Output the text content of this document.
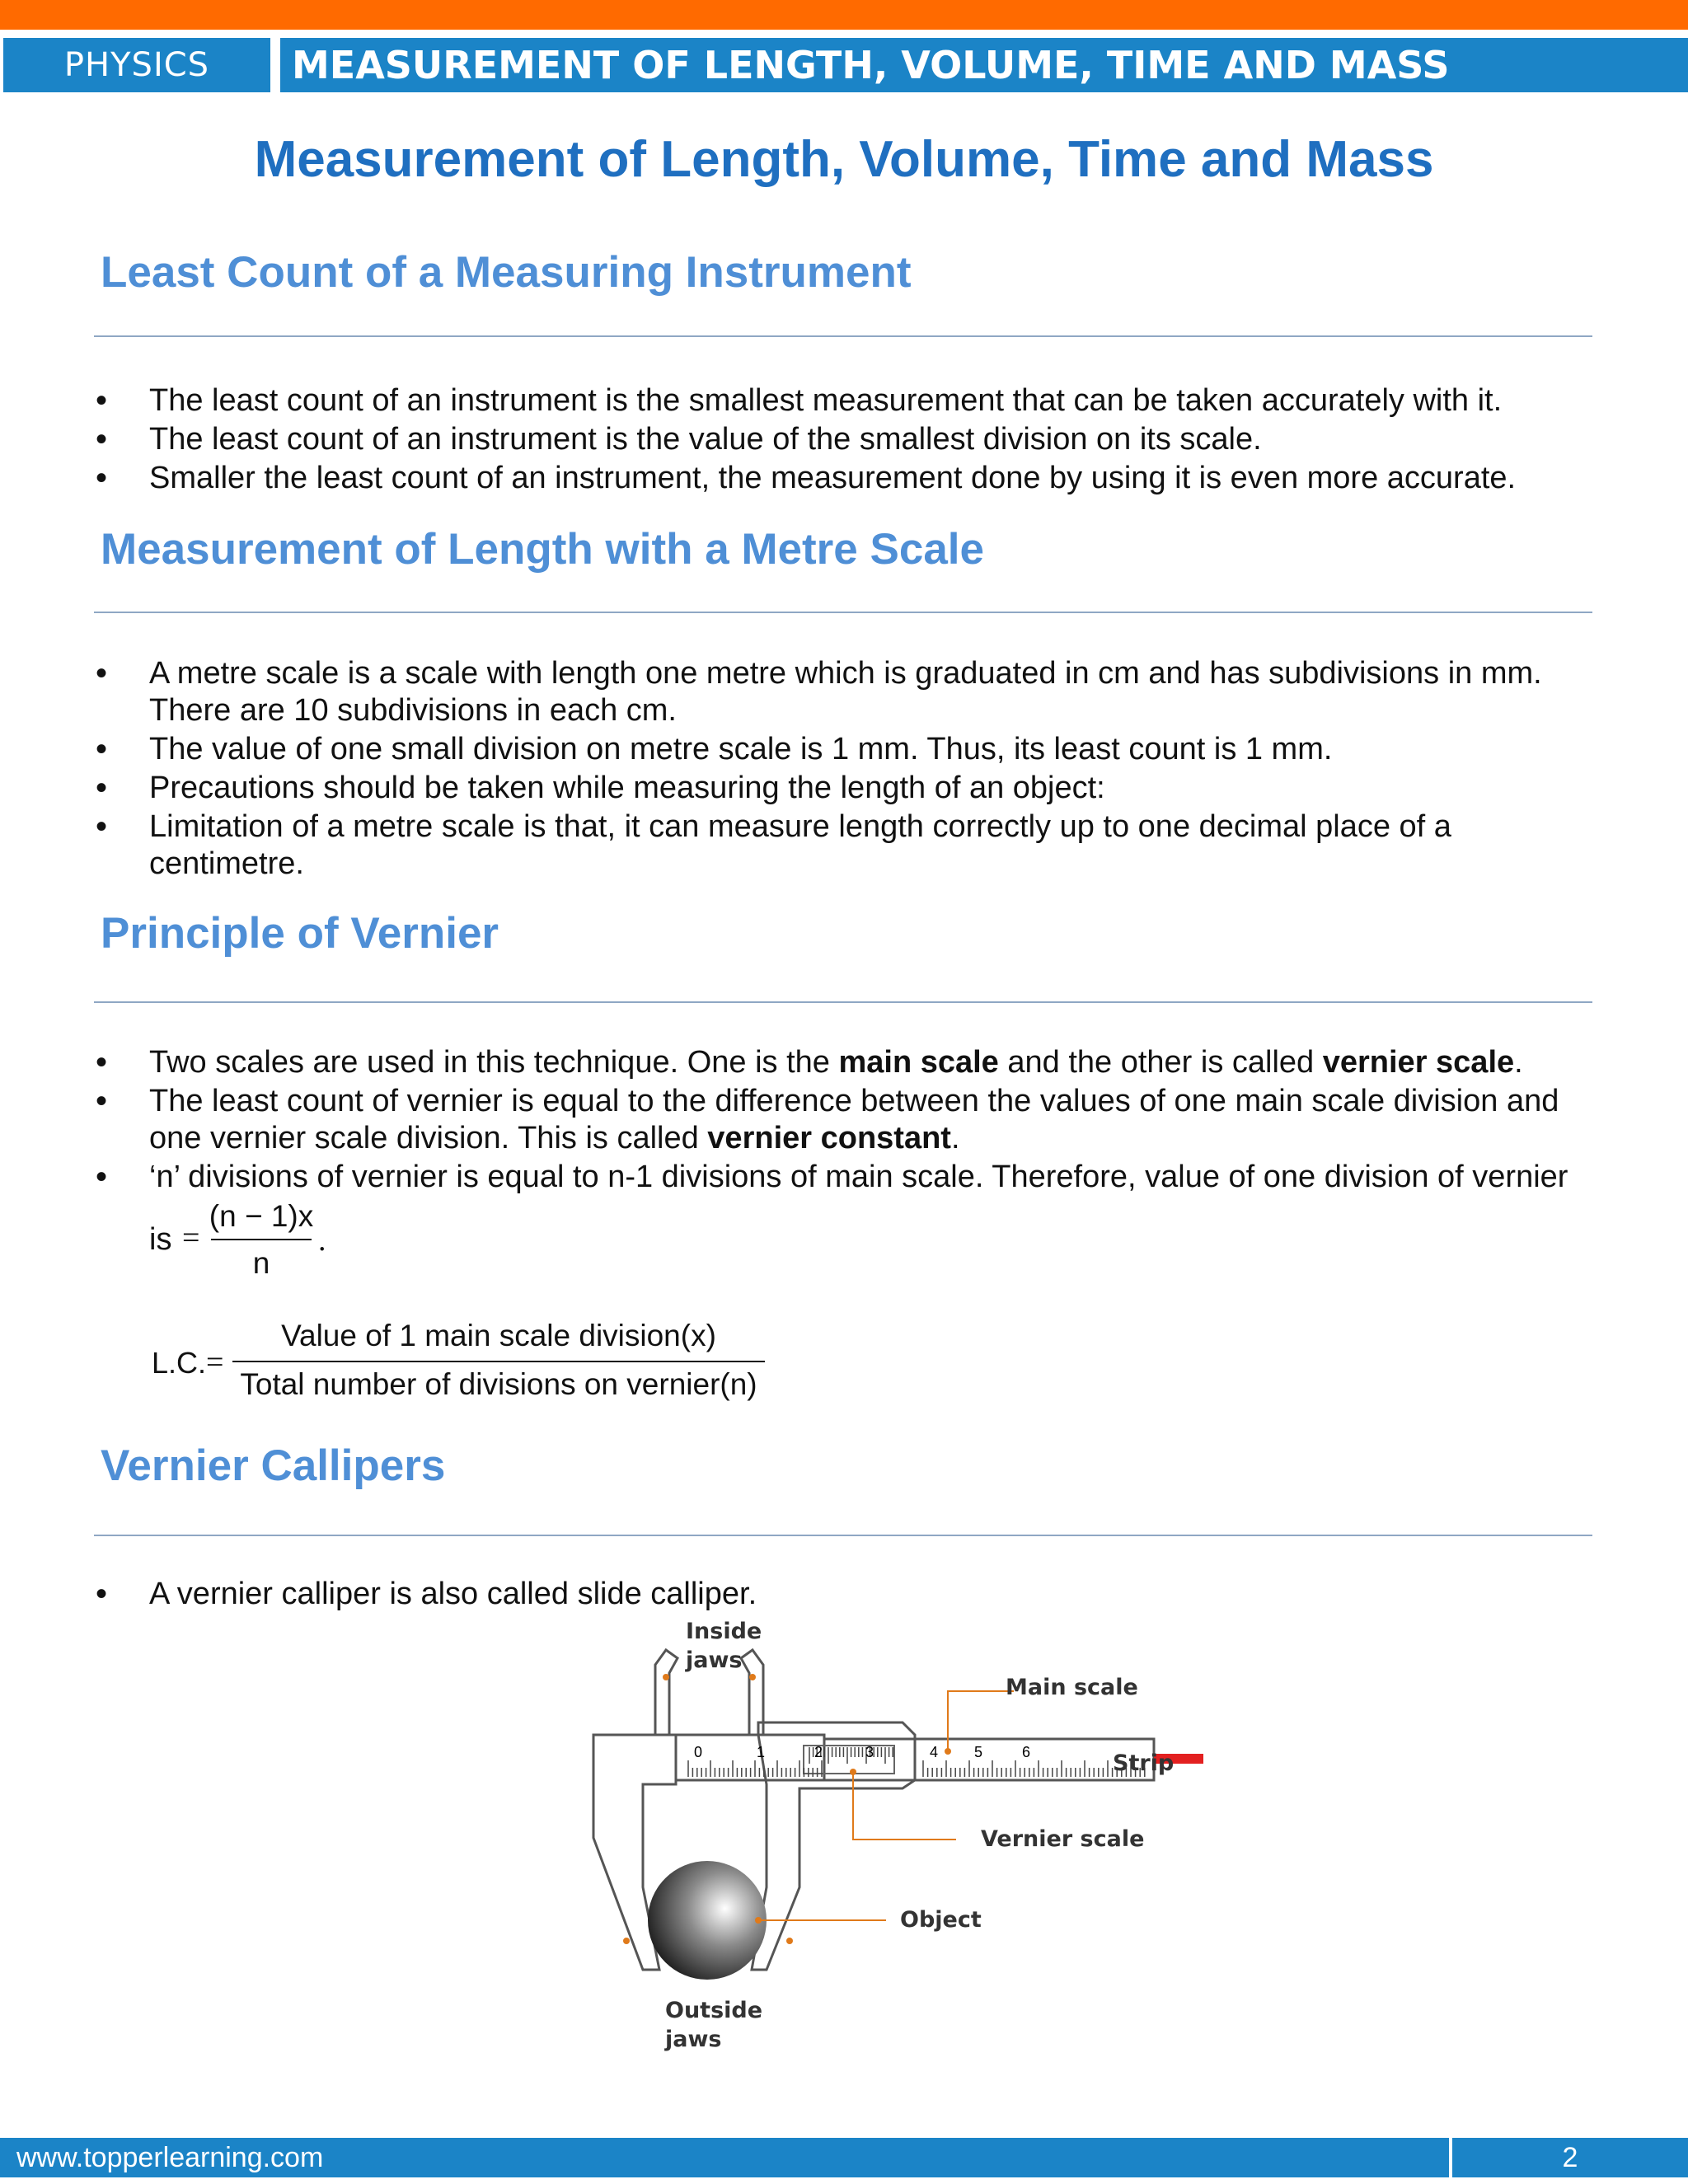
PHYSICS	MEASUREMENT OF LENGTH, VOLUME, TIME AND MASS
Measurement of Length, Volume, Time and Mass
Least Count of a Measuring Instrument
• The least count of an instrument is the smallest measurement that can be taken accurately with it.
• The least count of an instrument is the value of the smallest division on its scale.
• Smaller the least count of an instrument, the measurement done by using it is even more accurate.
Measurement of Length with a Metre Scale
• A metre scale is a scale with length one metre which is graduated in cm and has subdivisions in mm. There are 10 subdivisions in each cm.
• The value of one small division on metre scale is 1 mm. Thus, its least count is 1 mm.
• Precautions should be taken while measuring the length of an object:
• Limitation of a metre scale is that, it can measure length correctly up to one decimal place of a centimetre.
Principle of Vernier
• Two scales are used in this technique. One is the main scale and the other is called vernier scale.
• The least count of vernier is equal to the difference between the values of one main scale division and one vernier scale division. This is called vernier constant.
• ‘n’ divisions of vernier is equal to n-1 divisions of main scale. Therefore, value of one division of vernier
is =
(n − 1)x
n
.
L.C. =
Value of 1 main scale division(x)
Total number of divisions on vernier(n)
Vernier Callipers
• A vernier calliper is also called slide calliper.
0	1	2	3	4 5	6
Inside
jaws
Main scale
Strip
Vernier scale
Object
Outside
jaws
www.topperlearning.com	2
